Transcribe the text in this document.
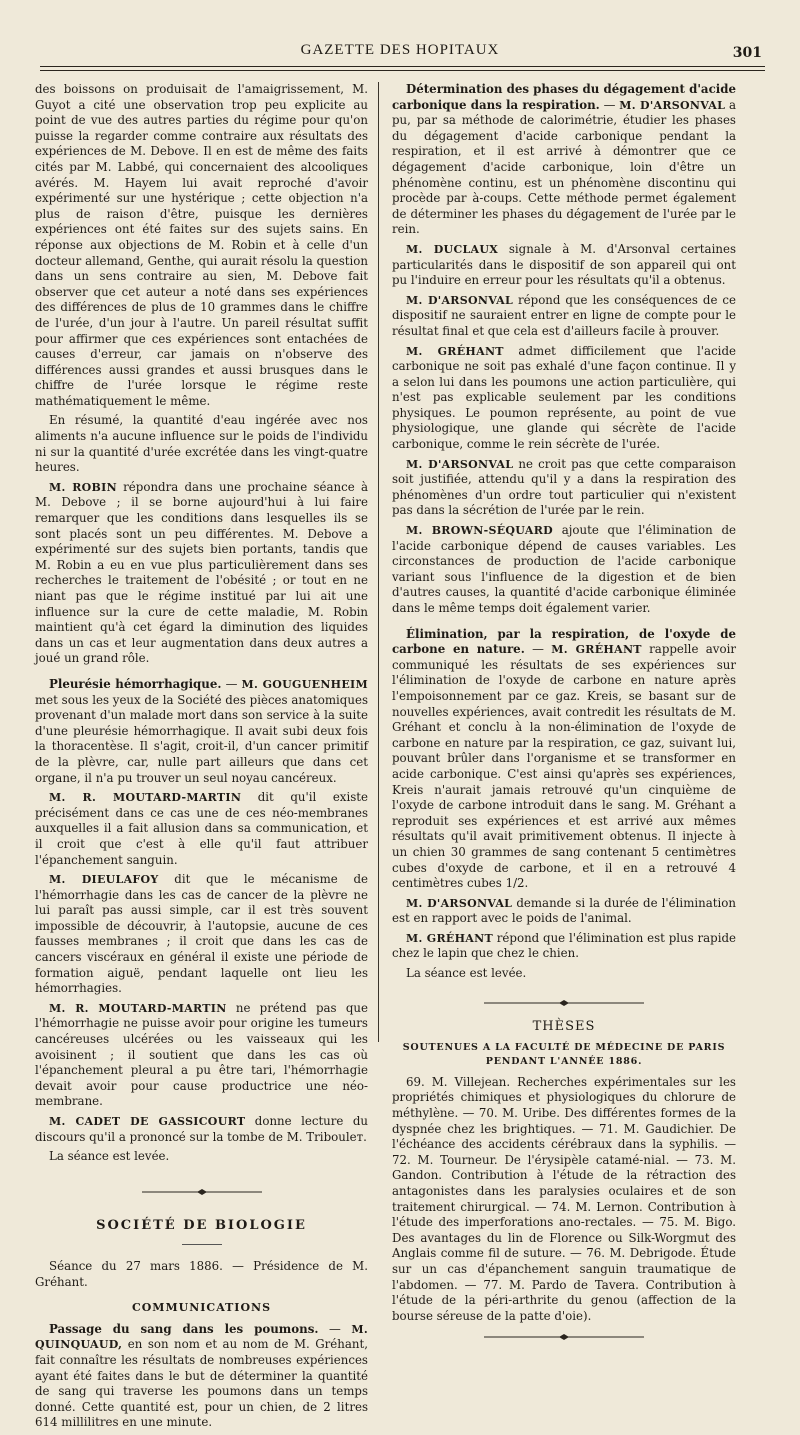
GAZETTE DES HOPITAUX	301

des boissons on produisait de l'amaigrissement, M. Guyot a cité une observation trop peu explicite au point de vue des autres parties du régime pour qu'on puisse la regarder comme contraire aux résultats des expériences de M. Debove. Il en est de même des faits cités par M. Labbé, qui concernaient des alcooliques avérés. M. Hayem lui avait reproché d'avoir expérimenté sur une hystérique ; cette objection n'a plus de raison d'être, puisque les dernières expériences ont été faites sur des sujets sains. En réponse aux objections de M. Robin et à celle d'un docteur allemand, Genthe, qui aurait résolu la question dans un sens contraire au sien, M. Debove fait observer que cet auteur a noté dans ses expériences des différences de plus de 10 grammes dans le chiffre de l'urée, d'un jour à l'autre. Un pareil résultat suffit pour affirmer que ces expériences sont entachées de causes d'erreur, car jamais on n'observe des différences aussi grandes et aussi brusques dans le chiffre de l'urée lorsque le régime reste mathématiquement le même.

En résumé, la quantité d'eau ingérée avec nos aliments n'a aucune influence sur le poids de l'individu ni sur la quantité d'urée excrétée dans les vingt-quatre heures.

M. ROBIN répondra dans une prochaine séance à M. Debove ; il se borne aujourd'hui à lui faire remarquer que les conditions dans lesquelles ils se sont placés sont un peu différentes. M. Debove a expérimenté sur des sujets bien portants, tandis que M. Robin a eu en vue plus particulièrement dans ses recherches le traitement de l'obésité ; or tout en ne niant pas que le régime institué par lui ait une influence sur la cure de cette maladie, M. Robin maintient qu'à cet égard la diminution des liquides dans un cas et leur augmentation dans deux autres a joué un grand rôle.

Pleurésie hémorrhagique. — M. GOUGUENHEIM met sous les yeux de la Société des pièces anatomiques provenant d'un malade mort dans son service à la suite d'une pleurésie hémorrhagique. Il avait subi deux fois la thoracentèse. Il s'agit, croit-il, d'un cancer primitif de la plèvre, car, nulle part ailleurs que dans cet organe, il n'a pu trouver un seul noyau cancéreux.

M. R. MOUTARD-MARTIN dit qu'il existe précisément dans ce cas une de ces néo-membranes auxquelles il a fait allusion dans sa communication, et il croit que c'est à elle qu'il faut attribuer l'épanchement sanguin.

M. DIEULAFOY dit que le mécanisme de l'hémorrhagie dans les cas de cancer de la plèvre ne lui paraît pas aussi simple, car il est très souvent impossible de découvrir, à l'autopsie, aucune de ces fausses membranes ; il croit que dans les cas de cancers viscéraux en général il existe une période de formation aiguë, pendant laquelle ont lieu les hémorrhagies.

M. R. MOUTARD-MARTIN ne prétend pas que l'hémorrhagie ne puisse avoir pour origine les tumeurs cancéreuses ulcérées ou les vaisseaux qui les avoisinent ; il soutient que dans les cas où l'épanchement pleural a pu être tari, l'hémorrhagie devait avoir pour cause productrice une néo-membrane.

M. CADET DE GASSICOURT donne lecture du discours qu'il a prononcé sur la tombe de M. Tribouleт.

La séance est levée.

SOCIÉTÉ DE BIOLOGIE

Séance du 27 mars 1886. — Présidence de M. Gréhant.

COMMUNICATIONS

Passage du sang dans les poumons. — M. QUINQUAUD, en son nom et au nom de M. Gréhant, fait connaître les résultats de nombreuses expériences ayant été faites dans le but de déterminer la quantité de sang qui traverse les poumons dans un temps donné. Cette quantité est, pour un chien, de 2 litres 614 millilitres en une minute.

Détermination des phases du dégagement d'acide carbonique dans la respiration. — M. D'ARSONVAL a pu, par sa méthode de calorimétrie, étudier les phases du dégagement d'acide carbonique pendant la respiration, et il est arrivé à démontrer que ce dégagement d'acide carbonique, loin d'être un phénomène continu, est un phénomène discontinu qui procède par à-coups. Cette méthode permet également de déterminer les phases du dégagement de l'urée par le rein.

M. DUCLAUX signale à M. d'Arsonval certaines particularités dans le dispositif de son appareil qui ont pu l'induire en erreur pour les résultats qu'il a obtenus.

M. D'ARSONVAL répond que les conséquences de ce dispositif ne sauraient entrer en ligne de compte pour le résultat final et que cela est d'ailleurs facile à prouver.

M. GRÉHANT admet difficilement que l'acide carbonique ne soit pas exhalé d'une façon continue. Il y a selon lui dans les poumons une action particulière, qui n'est pas explicable seulement par les conditions physiques. Le poumon représente, au point de vue physiologique, une glande qui sécrète de l'acide carbonique, comme le rein sécrète de l'urée.

M. D'ARSONVAL ne croit pas que cette comparaison soit justifiée, attendu qu'il y a dans la respiration des phénomènes d'un ordre tout particulier qui n'existent pas dans la sécrétion de l'urée par le rein.

M. BROWN-SÉQUARD ajoute que l'élimination de l'acide carbonique dépend de causes variables. Les circonstances de production de l'acide carbonique variant sous l'influence de la digestion et de bien d'autres causes, la quantité d'acide carbonique éliminée dans le même temps doit également varier.

Élimination, par la respiration, de l'oxyde de carbone en nature. — M. GRÉHANT rappelle avoir communiqué les résultats de ses expériences sur l'élimination de l'oxyde de carbone en nature après l'empoisonnement par ce gaz. Kreis, se basant sur de nouvelles expériences, avait contredit les résultats de M. Gréhant et conclu à la non-élimination de l'oxyde de carbone en nature par la respiration, ce gaz, suivant lui, pouvant brûler dans l'organisme et se transformer en acide carbonique. C'est ainsi qu'après ses expériences, Kreis n'aurait jamais retrouvé qu'un cinquième de l'oxyde de carbone introduit dans le sang. M. Gréhant a reproduit ses expériences et est arrivé aux mêmes résultats qu'il avait primitivement obtenus. Il injecte à un chien 30 grammes de sang contenant 5 centimètres cubes d'oxyde de carbone, et il en a retrouvé 4 centimètres cubes 1/2.

M. D'ARSONVAL demande si la durée de l'élimination est en rapport avec le poids de l'animal.

M. GRÉHANT répond que l'élimination est plus rapide chez le lapin que chez le chien.

La séance est levée.

THÈSES
SOUTENUES A LA FACULTÉ DE MÉDECINE DE PARIS
PENDANT L'ANNÉE 1886.

69. M. Villejean. Recherches expérimentales sur les propriétés chimiques et physiologiques du chlorure de méthylène. — 70. M. Uribe. Des différentes formes de la dyspnée chez les brightiques. — 71. M. Gaudichier. De l'échéance des accidents cérébraux dans la syphilis. — 72. M. Tourneur. De l'érysipèle catamé-nial. — 73. M. Gandon. Contribution à l'étude de la rétraction des antagonistes dans les paralysies oculaires et de son traitement chirurgical. — 74. M. Lernon. Contribution à l'étude des imperforations ano-rectales. — 75. M. Bigo. Des avantages du lin de Florence ou Silk-Worgmut des Anglais comme fil de suture. — 76. M. Debrigode. Étude sur un cas d'épanchement sanguin traumatique de l'abdomen. — 77. M. Pardo de Tavera. Contribution à l'étude de la péri-arthrite du genou (affection de la bourse séreuse de la patte d'oie).
